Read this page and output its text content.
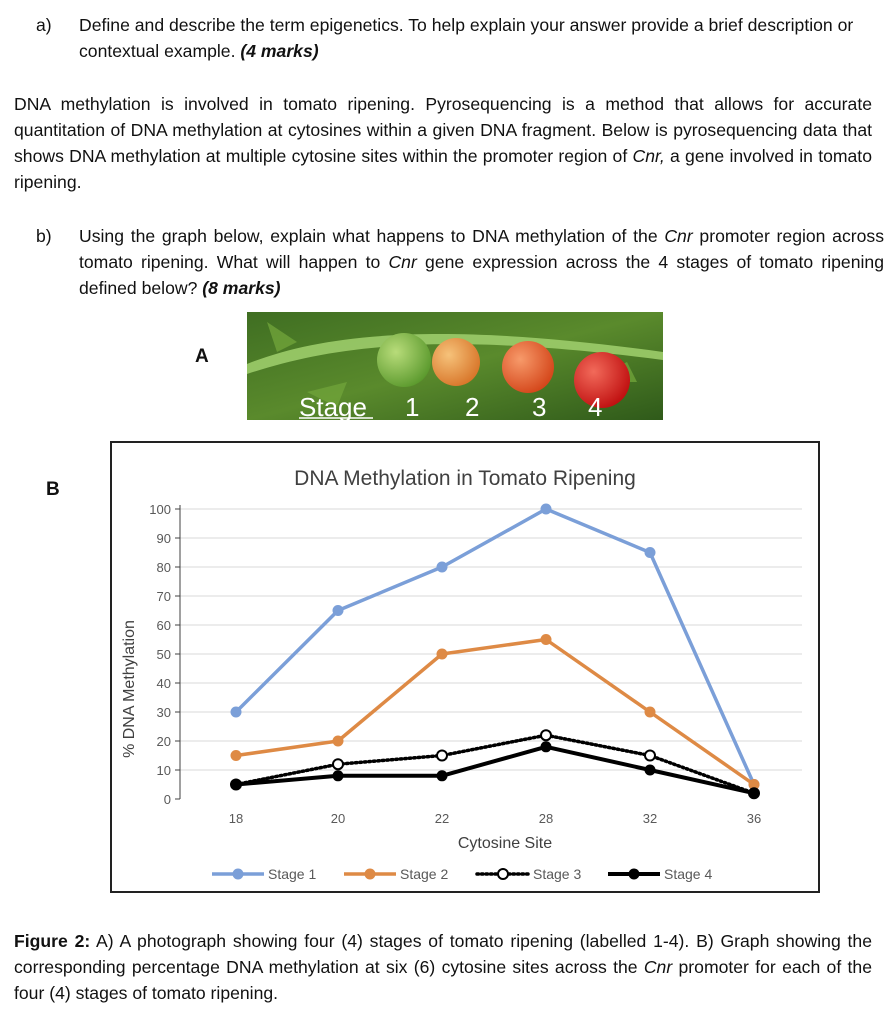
a) Define and describe the term epigenetics. To help explain your answer provide a brief description or contextual example. (4 marks)
DNA methylation is involved in tomato ripening. Pyrosequencing is a method that allows for accurate quantitation of DNA methylation at cytosines within a given DNA fragment. Below is pyrosequencing data that shows DNA methylation at multiple cytosine sites within the promoter region of Cnr, a gene involved in tomato ripening.
b) Using the graph below, explain what happens to DNA methylation of the Cnr promoter region across tomato ripening. What will happen to Cnr gene expression across the 4 stages of tomato ripening defined below? (8 marks)
A
Stage 1 2 3 4
B	DNA Methylation in Tomato Ripening
0
10
20
30
40
50
60
70
80
90
100
18	20	22	28	32	36
% DNA Methylation
Cytosine Site
Stage 1	Stage 2	Stage 3	Stage 4
Figure 2: A) A photograph showing four (4) stages of tomato ripening (labelled 1-4). B) Graph showing the corresponding percentage DNA methylation at six (6) cytosine sites across the Cnr promoter for each of the four (4) stages of tomato ripening.
